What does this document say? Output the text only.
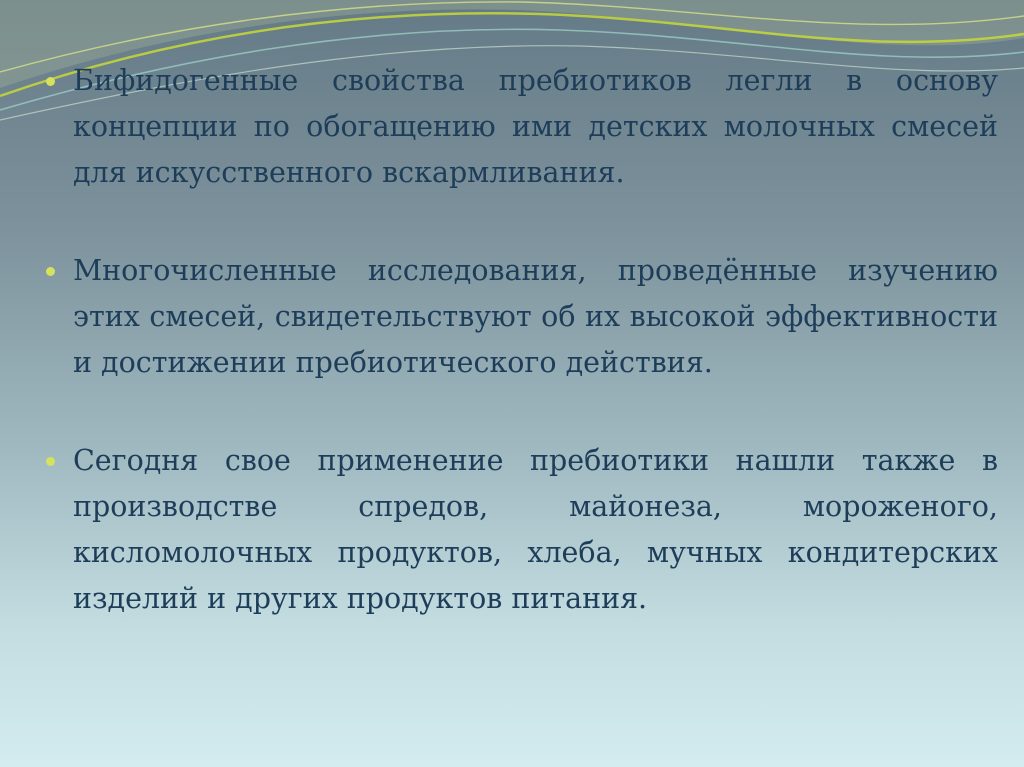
Бифидогенные свойства пребиотиков легли в основу концепции по обогащению ими детских молочных смесей для искусственного вскармливания.

Многочисленные исследования, проведённые изучению этих смесей, свидетельствуют об их высокой эффективности и достижении пребиотического действия.

Сегодня свое применение пребиотики нашли также в производстве спредов, майонеза, мороженого, кисломолочных продуктов, хлеба, мучных кондитерских изделий и других продуктов питания.
